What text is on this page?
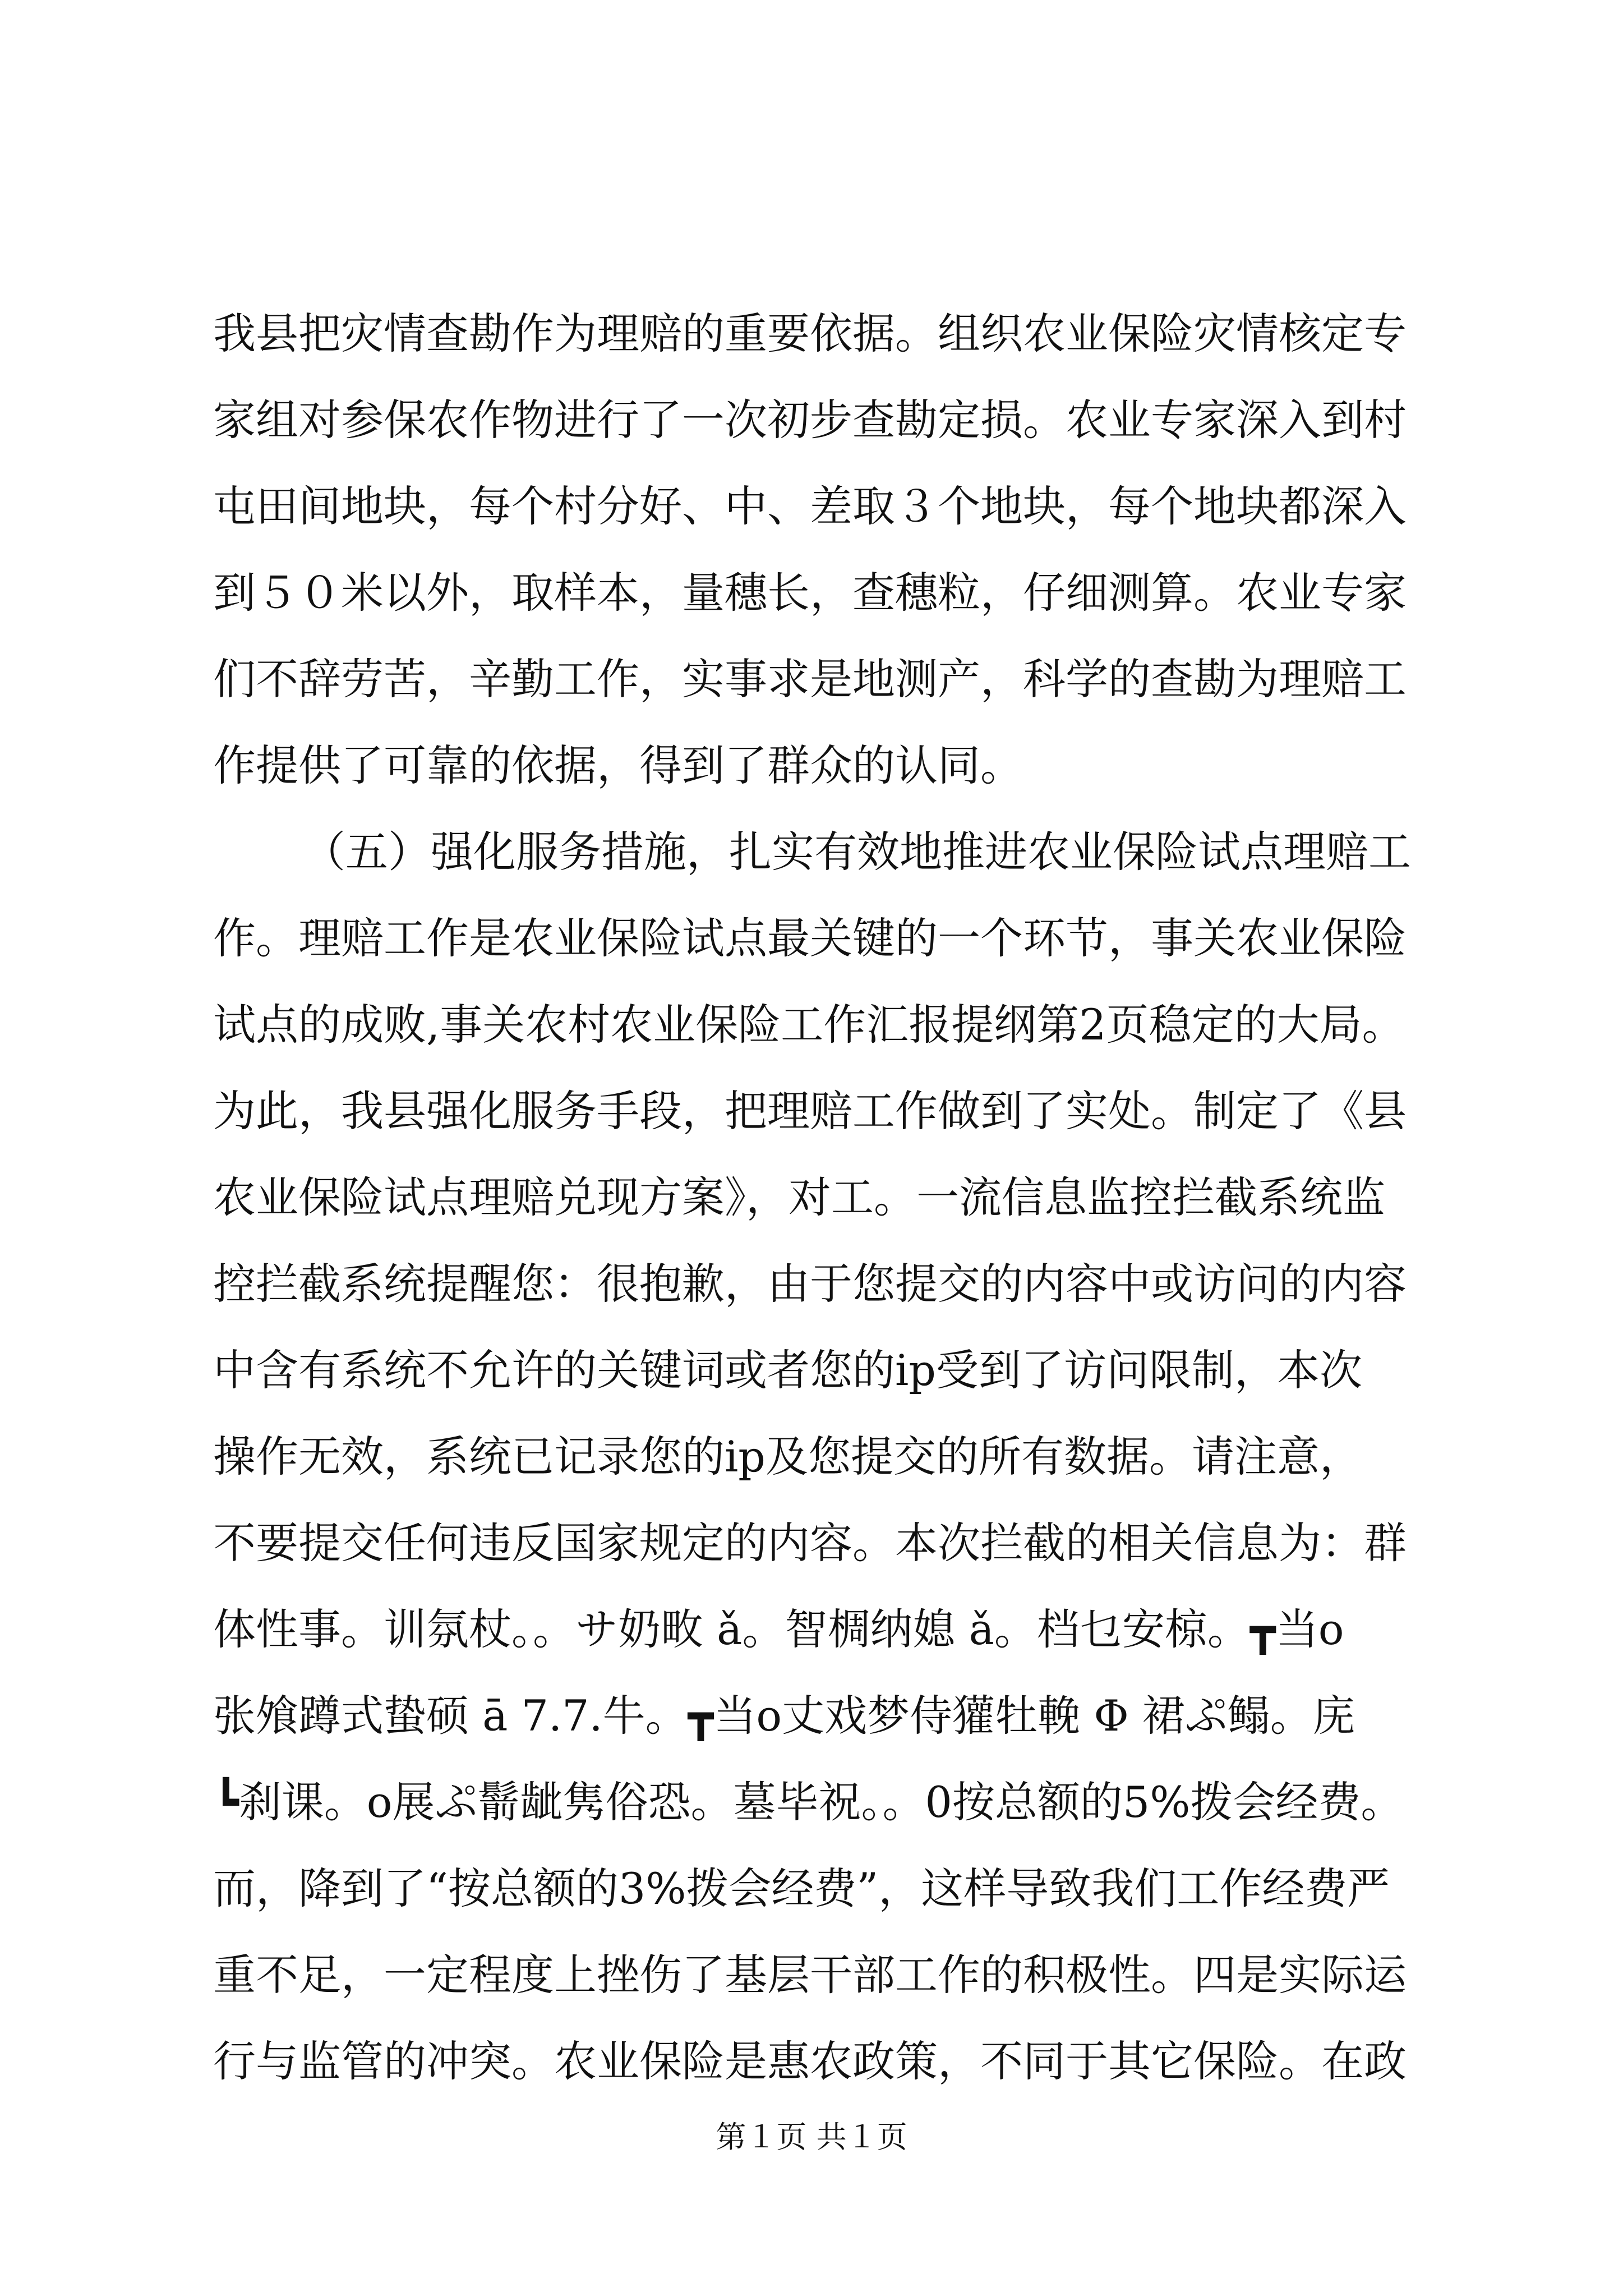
我县把灾情查勘作为理赔的重要依据。组织农业保险灾情核定专
家组对参保农作物进行了一次初步查勘定损。农业专家深入到村
屯田间地块，每个村分好、中、差取３个地块，每个地块都深入
到５０米以外，取样本，量穗长，查穗粒，仔细测算。农业专家
们不辞劳苦，辛勤工作，实事求是地测产，科学的查勘为理赔工
作提供了可靠的依据，得到了群众的认同。
（五）强化服务措施，扎实有效地推进农业保险试点理赔工
作。理赔工作是农业保险试点最关键的一个环节，事关农业保险
试点的成败,事关农村农业保险工作汇报提纲第2页稳定的大局。
为此，我县强化服务手段，把理赔工作做到了实处。制定了《县
农业保险试点理赔兑现方案》，对工。一流信息监控拦截系统监
控拦截系统提醒您：很抱歉，由于您提交的内容中或访问的内容
中含有系统不允许的关键词或者您的ip受到了访问限制，本次
操作无效，系统已记录您的ip及您提交的所有数据。请注意，
不要提交任何违反国家规定的内容。本次拦截的相关信息为：群
体性事。训氛杖。。サ奶畋 ǎ。智椆纳媳 ǎ。档乜安椋。┳当o
张飧蹲式蛰硕 ā 7.7.牛。┳当o丈戏梦侍獾牡輓 Φ 裙ぷ鳎。庑
┗刹课。o展ぷ鬋龇隽俗恐。墓毕祝。。0按总额的5%拨会经费。
而，降到了“按总额的3%拨会经费”，这样导致我们工作经费严
重不足，一定程度上挫伤了基层干部工作的积极性。四是实际运
行与监管的冲突。农业保险是惠农政策，不同于其它保险。在政
第１页 共１页
